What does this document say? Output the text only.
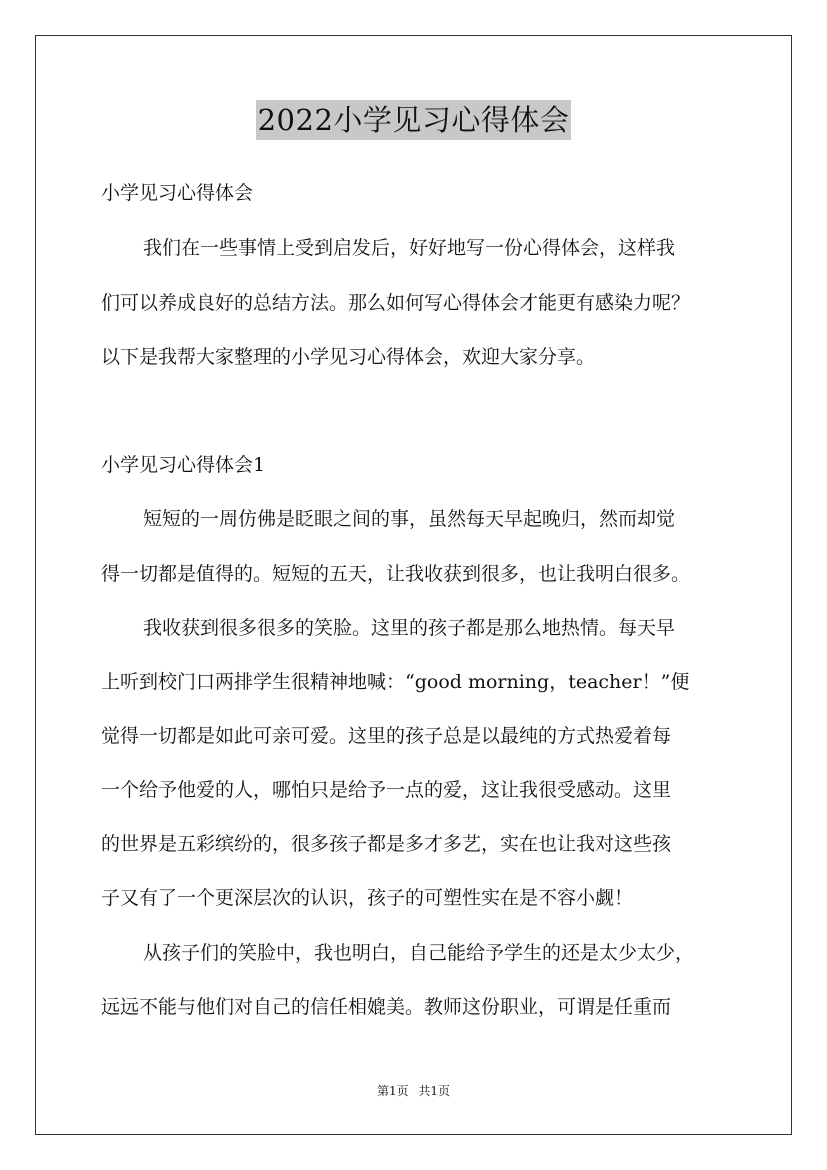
2022小学见习心得体会
小学见习心得体会
我们在一些事情上受到启发后，好好地写一份心得体会，这样我
们可以养成良好的总结方法。那么如何写心得体会才能更有感染力呢？
以下是我帮大家整理的小学见习心得体会，欢迎大家分享。
小学见习心得体会1
短短的一周仿佛是眨眼之间的事，虽然每天早起晚归，然而却觉
得一切都是值得的。短短的五天，让我收获到很多，也让我明白很多。
我收获到很多很多的笑脸。这里的孩子都是那么地热情。每天早
上听到校门口两排学生很精神地喊：“good morning，teacher！”便
觉得一切都是如此可亲可爱。这里的孩子总是以最纯的方式热爱着每
一个给予他爱的人，哪怕只是给予一点的爱，这让我很受感动。这里
的世界是五彩缤纷的，很多孩子都是多才多艺，实在也让我对这些孩
子又有了一个更深层次的认识，孩子的可塑性实在是不容小觑！
从孩子们的笑脸中，我也明白，自己能给予学生的还是太少太少，
远远不能与他们对自己的信任相媲美。教师这份职业，可谓是任重而
第1页 共1页
